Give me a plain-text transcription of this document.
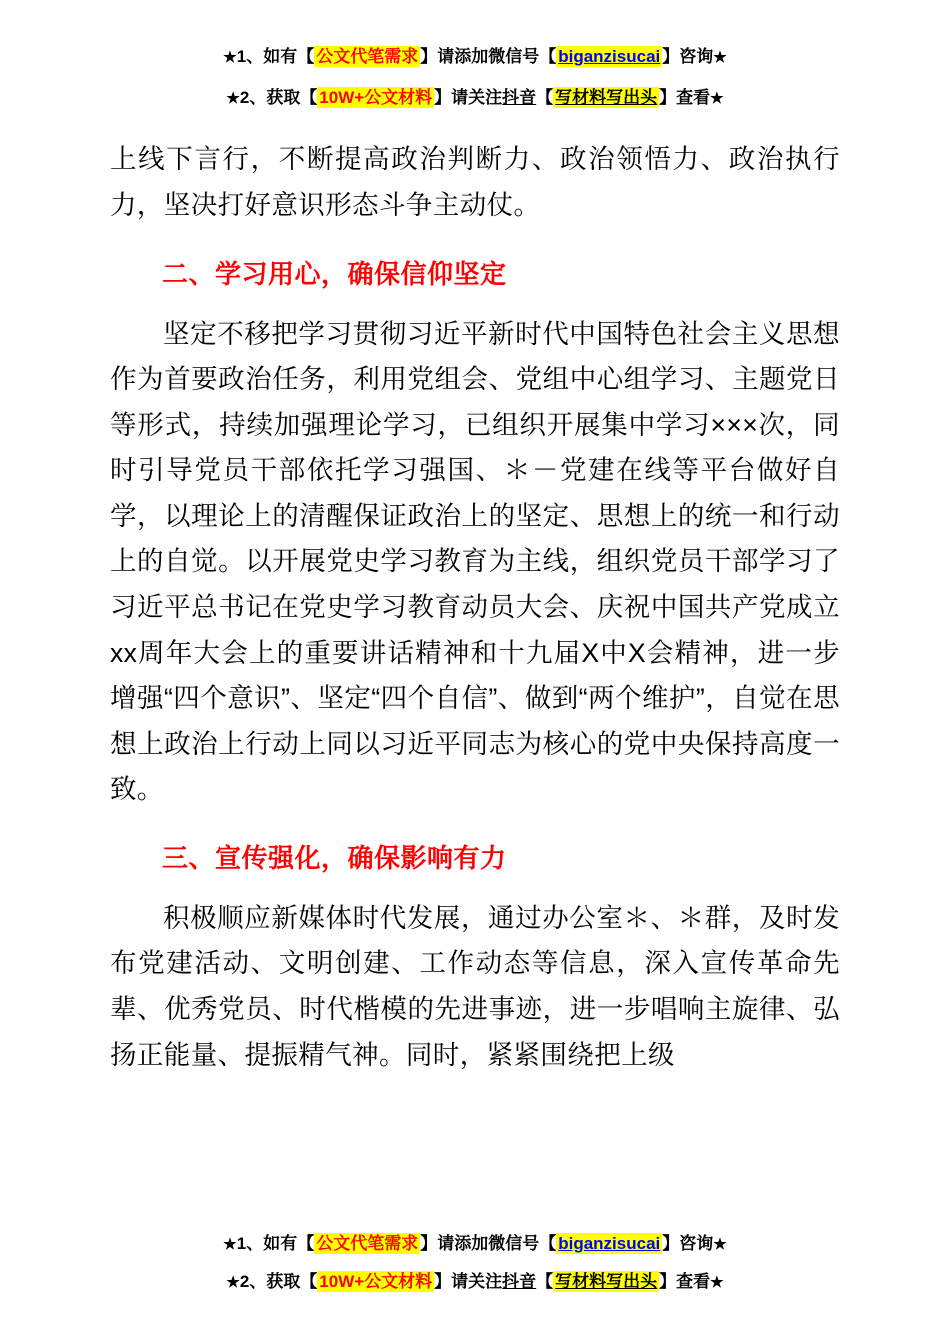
★1、如有【 公文代笔需求 】请添加微信号【 biganzisucai 】咨询★
★2、获取【 10W+公文材料 】请关注抖音【 写材料写出头 】查看★

上线下言行，不断提高政治判断力、政治领悟力、政治执行力，坚决打好意识形态斗争主动仗。

二、学习用心，确保信仰坚定

坚定不移把学习贯彻习近平新时代中国特色社会主义思想作为首要政治任务，利用党组会、党组中心组学习、主题党日等形式，持续加强理论学习，已组织开展集中学习×××次，同时引导党员干部依托学习强国、＊－党建在线等平台做好自学，以理论上的清醒保证政治上的坚定、思想上的统一和行动上的自觉。以开展党史学习教育为主线，组织党员干部学习了习近平总书记在党史学习教育动员大会、庆祝中国共产党成立xx周年大会上的重要讲话精神和十九届X中X会精神，进一步增强“四个意识”、坚定“四个自信”、做到“两个维护”，自觉在思想上政治上行动上同以习近平同志为核心的党中央保持高度一致。

三、宣传强化，确保影响有力

积极顺应新媒体时代发展，通过办公室＊、＊群，及时发布党建活动、文明创建、工作动态等信息，深入宣传革命先辈、优秀党员、时代楷模的先进事迹，进一步唱响主旋律、弘扬正能量、提振精气神。同时，紧紧围绕把上级

★1、如有【 公文代笔需求 】请添加微信号【 biganzisucai 】咨询★
★2、获取【 10W+公文材料 】请关注抖音【 写材料写出头 】查看★
